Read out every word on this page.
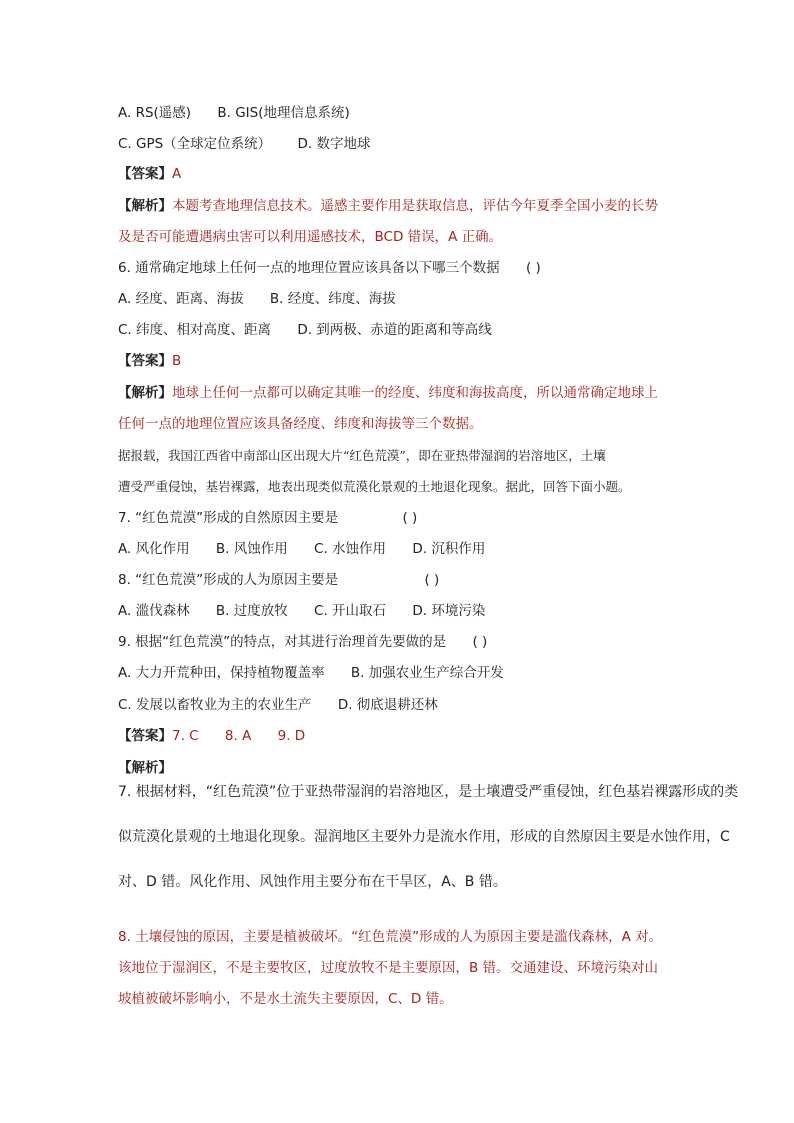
A. RS(遥感) B. GIS(地理信息系统)
C. GPS（全球定位系统） D. 数字地球
【答案】A
【解析】本题考查地理信息技术。遥感主要作用是获取信息，评估今年夏季全国小麦的长势
及是否可能遭遇病虫害可以利用遥感技术，BCD 错误，A 正确。
6. 通常确定地球上任何一点的地理位置应该具备以下哪三个数据 ( )
A. 经度、距离、海拔 B. 经度、纬度、海拔
C. 纬度、相对高度、距离 D. 到两极、赤道的距离和等高线
【答案】B
【解析】地球上任何一点都可以确定其唯一的经度、纬度和海拔高度，所以通常确定地球上
任何一点的地理位置应该具备经度、纬度和海拔等三个数据。
据报载，我国江西省中南部山区出现大片“红色荒漠”，即在亚热带湿润的岩溶地区，土壤
遭受严重侵蚀，基岩裸露，地表出现类似荒漠化景观的土地退化现象。据此，回答下面小题。
7. “红色荒漠”形成的自然原因主要是	( )
A. 风化作用 B. 风蚀作用 C. 水蚀作用 D. 沉积作用
8. “红色荒漠”形成的人为原因主要是	( )
A. 滥伐森林 B. 过度放牧 C. 开山取石 D. 环境污染
9. 根据“红色荒漠”的特点，对其进行治理首先要做的是 ( )
A. 大力开荒种田，保持植物覆盖率 B. 加强农业生产综合开发
C. 发展以畜牧业为主的农业生产 D. 彻底退耕还林
【答案】7. C 8. A 9. D
【解析】
7. 根据材料，“红色荒漠”位于亚热带湿润的岩溶地区，是土壤遭受严重侵蚀，红色基岩裸露形成的类
似荒漠化景观的土地退化现象。湿润地区主要外力是流水作用，形成的自然原因主要是水蚀作用，C
对、D 错。风化作用、风蚀作用主要分布在干旱区，A、B 错。
8. 土壤侵蚀的原因，主要是植被破坏。“红色荒漠”形成的人为原因主要是滥伐森林，A 对。
该地位于湿润区，不是主要牧区，过度放牧不是主要原因，B 错。交通建设、环境污染对山
坡植被破坏影响小，不是水土流失主要原因，C、D 错。
